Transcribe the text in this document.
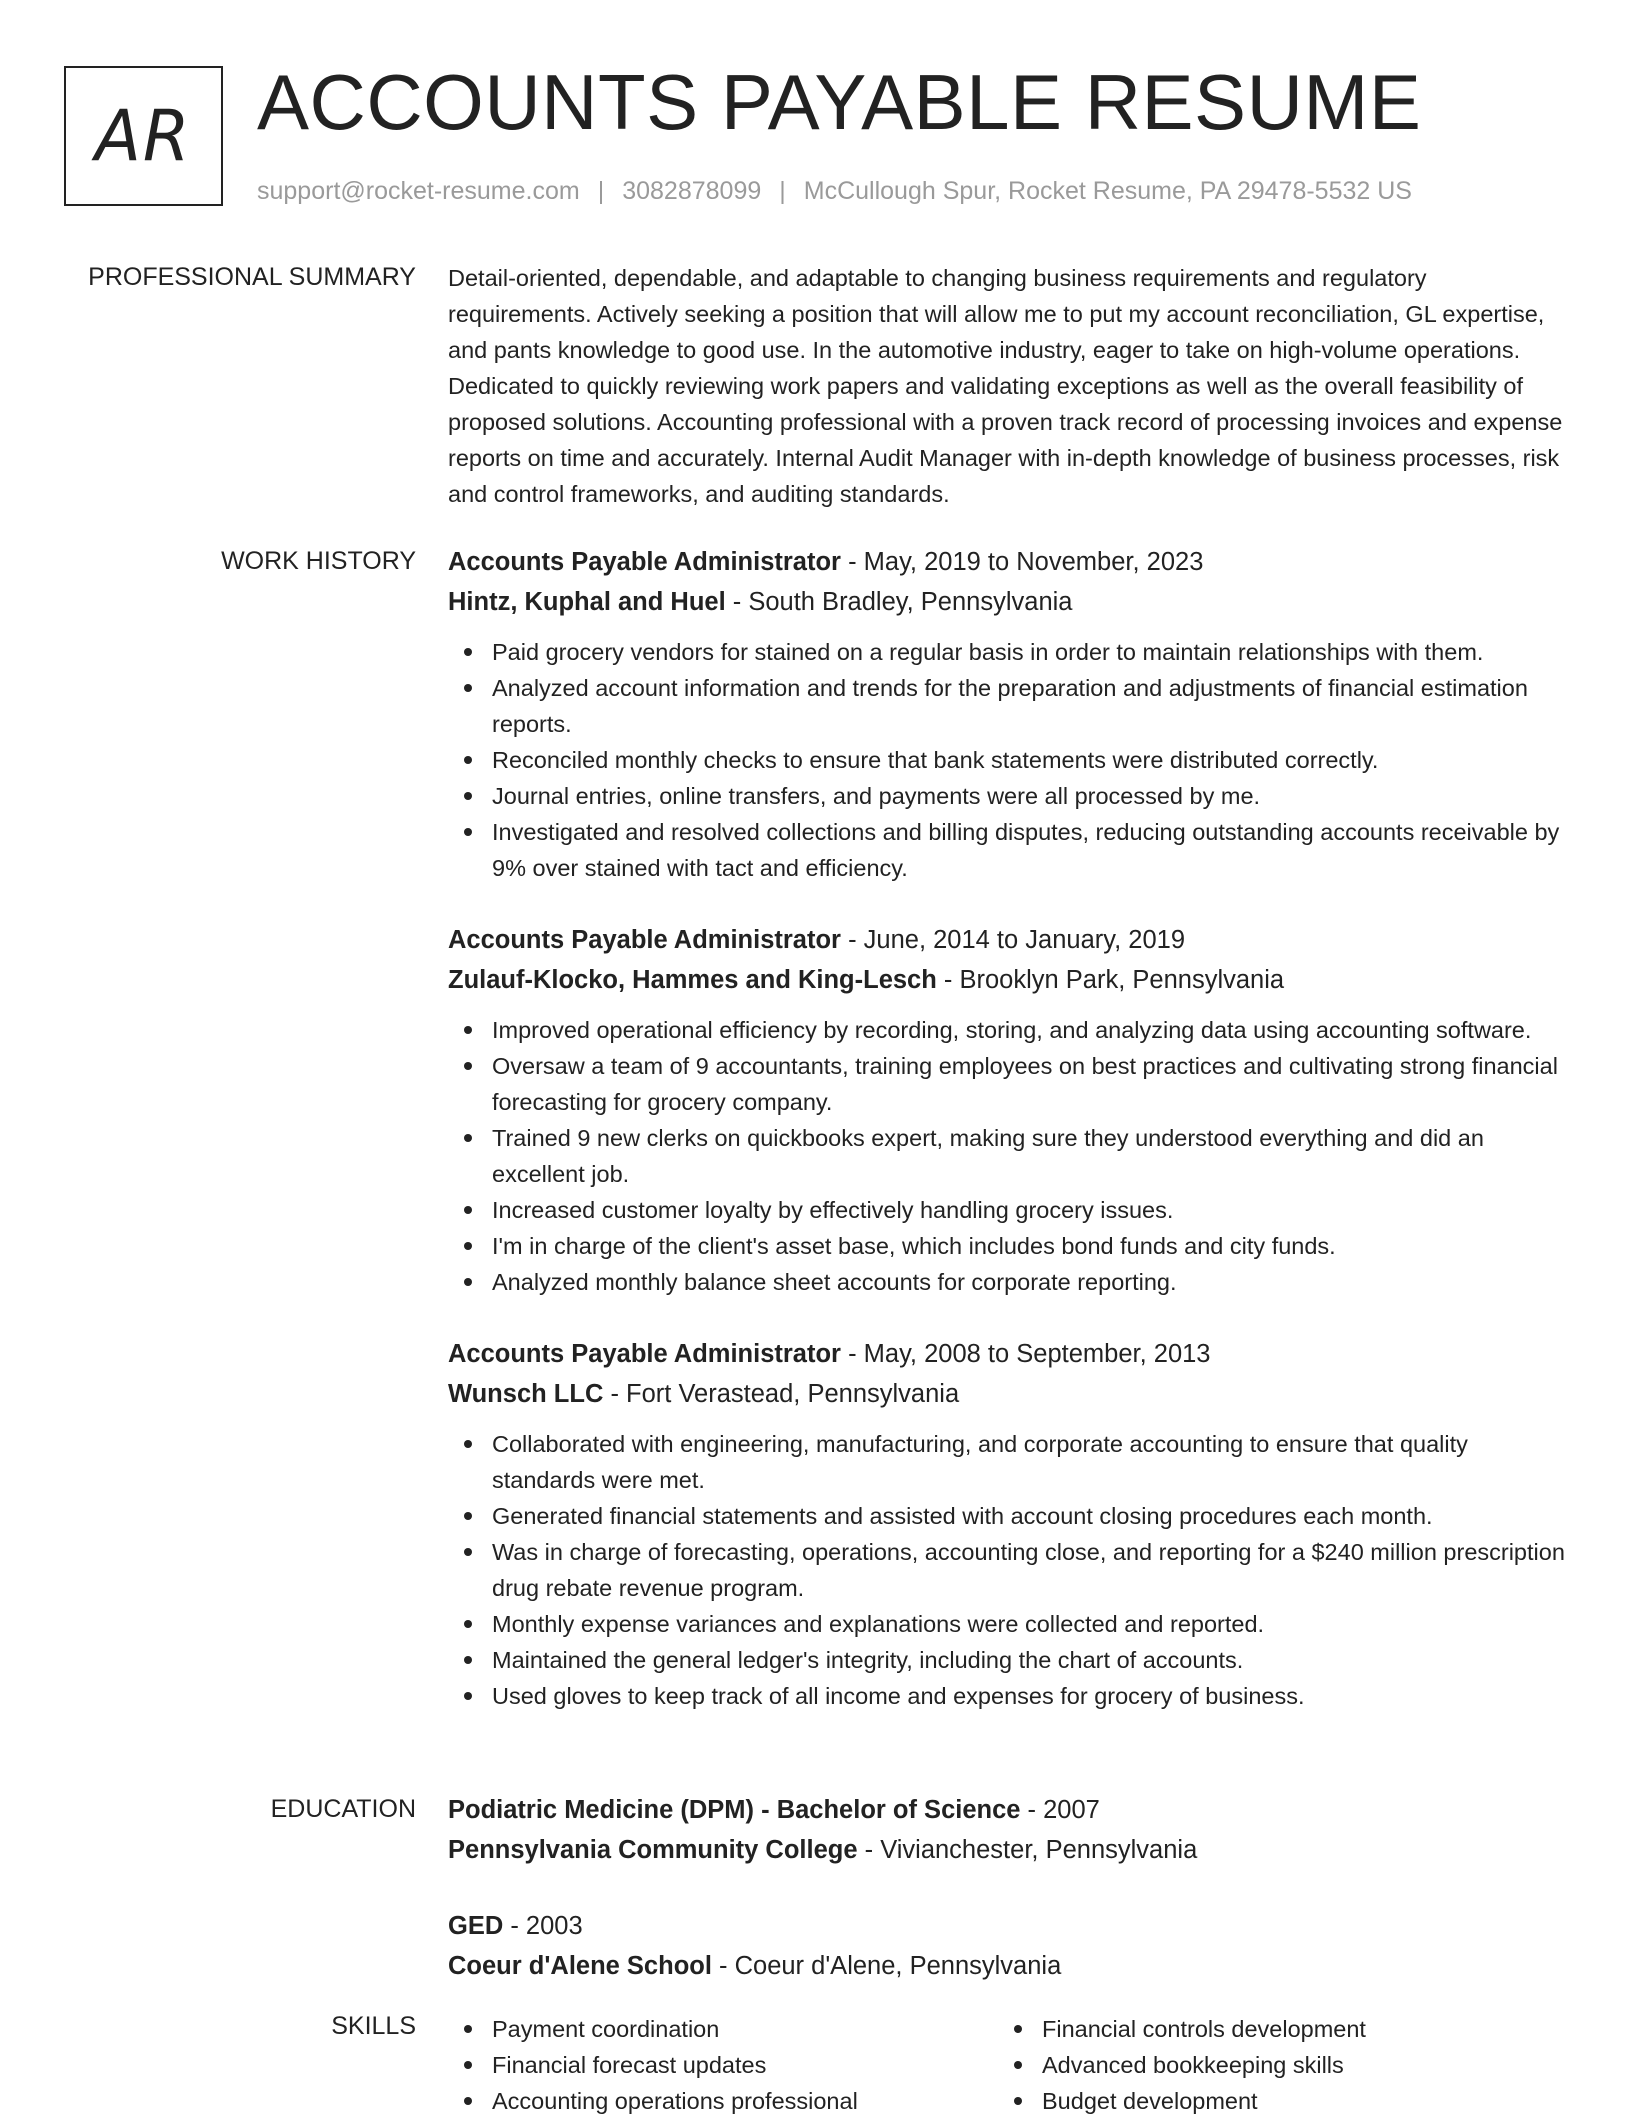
AR ACCOUNTS PAYABLE RESUME
support@rocket-resume.com | 3082878099 | McCullough Spur, Rocket Resume, PA 29478-5532 US
PROFESSIONAL SUMMARY Detail-oriented, dependable, and adaptable to changing business requirements and regulatory requirements. Actively seeking a position that will allow me to put my account reconciliation, GL expertise, and pants knowledge to good use. In the automotive industry, eager to take on high-volume operations. Dedicated to quickly reviewing work papers and validating exceptions as well as the overall feasibility of proposed solutions. Accounting professional with a proven track record of processing invoices and expense reports on time and accurately. Internal Audit Manager with in-depth knowledge of business processes, risk and control frameworks, and auditing standards.

WORK HISTORY Accounts Payable Administrator - May, 2019 to November, 2023
Hintz, Kuphal and Huel - South Bradley, Pennsylvania
Paid grocery vendors for stained on a regular basis in order to maintain relationships with them.
Analyzed account information and trends for the preparation and adjustments of financial estimation reports.
Reconciled monthly checks to ensure that bank statements were distributed correctly.
Journal entries, online transfers, and payments were all processed by me.
Investigated and resolved collections and billing disputes, reducing outstanding accounts receivable by 9% over stained with tact and efficiency.
Accounts Payable Administrator - June, 2014 to January, 2019
Zulauf-Klocko, Hammes and King-Lesch - Brooklyn Park, Pennsylvania
Improved operational efficiency by recording, storing, and analyzing data using accounting software.
Oversaw a team of 9 accountants, training employees on best practices and cultivating strong financial forecasting for grocery company.
Trained 9 new clerks on quickbooks expert, making sure they understood everything and did an excellent job.
Increased customer loyalty by effectively handling grocery issues.
I'm in charge of the client's asset base, which includes bond funds and city funds.
Analyzed monthly balance sheet accounts for corporate reporting.
Accounts Payable Administrator - May, 2008 to September, 2013
Wunsch LLC - Fort Verastead, Pennsylvania
Collaborated with engineering, manufacturing, and corporate accounting to ensure that quality standards were met.
Generated financial statements and assisted with account closing procedures each month.
Was in charge of forecasting, operations, accounting close, and reporting for a $240 million prescription drug rebate revenue program.
Monthly expense variances and explanations were collected and reported.
Maintained the general ledger's integrity, including the chart of accounts.
Used gloves to keep track of all income and expenses for grocery of business.
EDUCATION Podiatric Medicine (DPM) - Bachelor of Science - 2007
Pennsylvania Community College - Vivianchester, Pennsylvania
GED - 2003
Coeur d'Alene School - Coeur d'Alene, Pennsylvania
SKILLS	Payment coordination
Financial forecast updates
Accounting operations professional
Financial controls development
Advanced bookkeeping skills
Budget development
